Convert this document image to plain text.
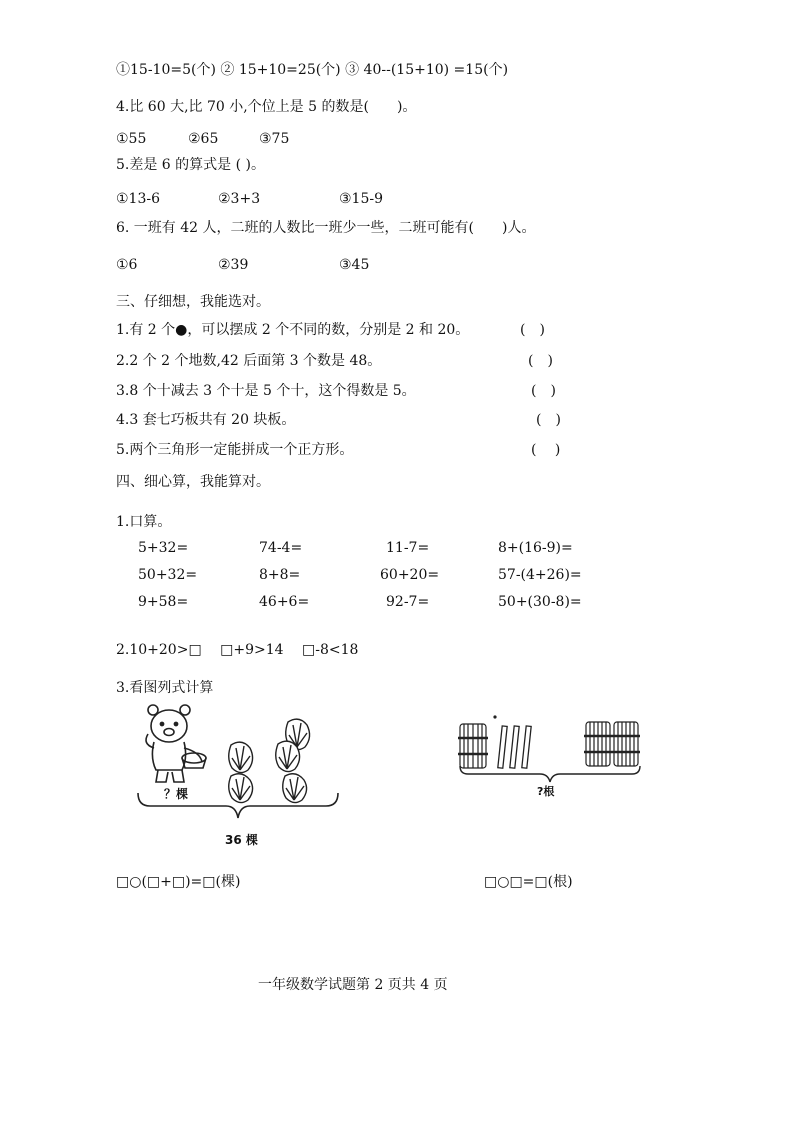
①15-10=5(个) ② 15+10=25(个) ③ 40--(15+10) =15(个)
4.比 60 大,比 70 小,个位上是 5 的数是(　　)。
①55	②65	③75
5.差是 6 的算式是 ( )。
①13-6	②3+3	③15-9
6. 一班有 42 人，二班的人数比一班少一些，二班可能有(　　)人。
①6	②39	③45
三、仔细想，我能选对。
1.有 2 个●，可以摆成 2 个不同的数，分别是 2 和 20。	(　)
2.2 个 2 个地数,42 后面第 3 个数是 48。	(　)
3.8 个十减去 3 个十是 5 个十，这个得数是 5。	(　)
4.3 套七巧板共有 20 块板。	(　)
5.两个三角形一定能拼成一个正方形。	(　 )
四、细心算，我能算对。
1.口算。
5+32=	74-4=	11-7=	8+(16-9)=
50+32=	8+8=	60+20=	57-(4+26)=
9+58=	46+6=	92-7=	50+(30-8)=
2.10+20>□　 □+9>14　 □-8<18
3.看图列式计算
？棵
36 棵
?根
□○(□+□)=□(棵)	□○□=□(根)
一年级数学试题第 2 页共 4 页
